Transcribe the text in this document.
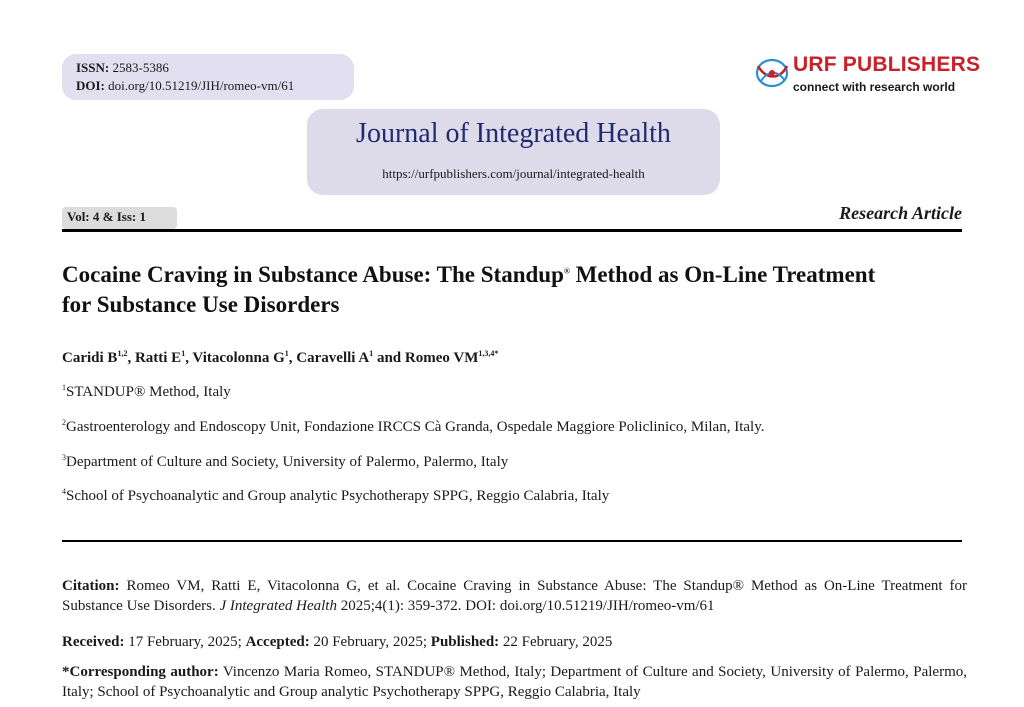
ISSN: 2583-5386
DOI: doi.org/10.51219/JIH/romeo-vm/61
URF PUBLISHERS
connect with research world
Journal of Integrated Health
https://urfpublishers.com/journal/integrated-health
Vol: 4 & Iss: 1	Research Article
Cocaine Craving in Substance Abuse: The Standup® Method as On-Line Treatment
for Substance Use Disorders
Caridi B$^{1,2}$, Ratti $E^1$, Vitacolonna $G^1$, Caravelli $A^1$ and Romeo $VM^{1,3,4*}$
$^1$STANDUP® Method, Italy
$^2$Gastroenterology and Endoscopy Unit, Fondazione IRCCS Cà Granda, Ospedale Maggiore Policlinico, Milan, Italy.
$^3$Department of Culture and Society, University of Palermo, Palermo, Italy
$^4$School of Psychoanalytic and Group analytic Psychotherapy SPPG, Reggio Calabria, Italy
Citation: Romeo VM, Ratti E, Vitacolonna G, et al. Cocaine Craving in Substance Abuse: The Standup® Method as On-Line Treatment for Substance Use Disorders. J Integrated Health 2025;4(1): 359-372. DOI: doi.org/10.51219/JIH/romeo-vm/61
Received: 17 February, 2025; Accepted: 20 February, 2025; Published: 22 February, 2025
*Corresponding author: Vincenzo Maria Romeo, STANDUP® Method, Italy; Department of Culture and Society, University of Palermo, Palermo, Italy; School of Psychoanalytic and Group analytic Psychotherapy SPPG, Reggio Calabria, Italy
